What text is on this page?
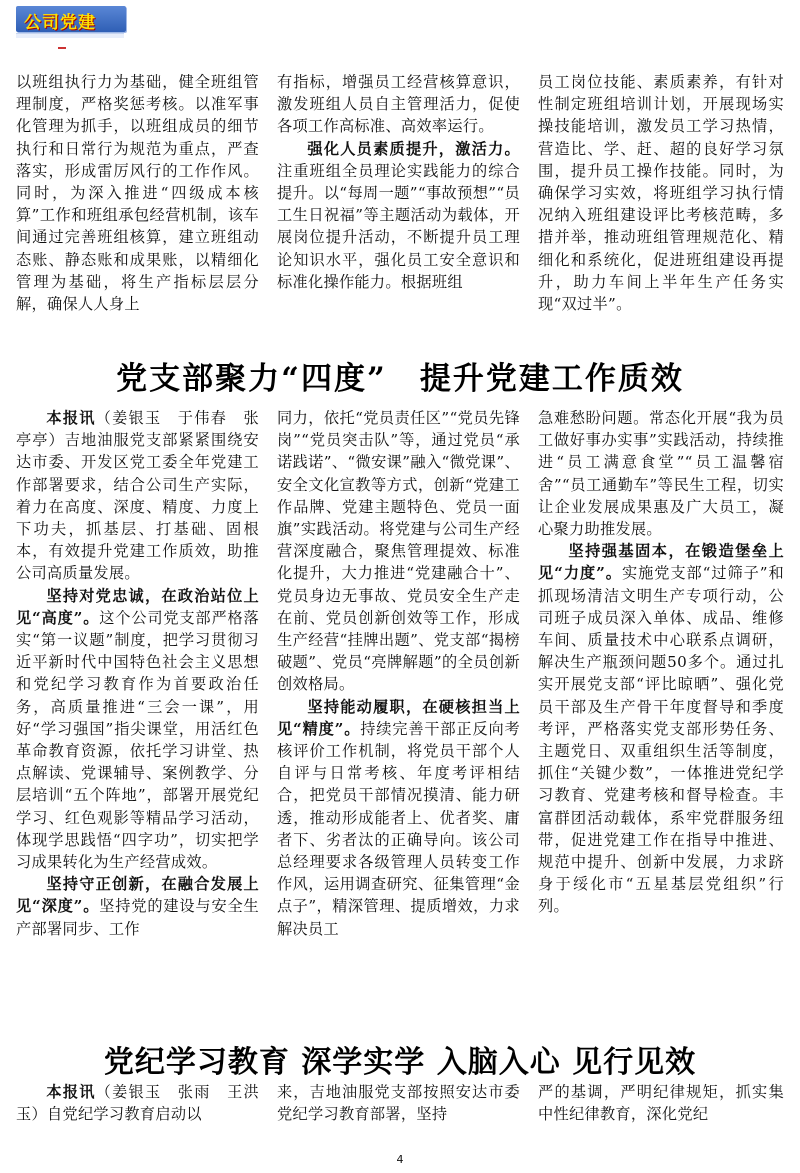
公司党建

以班组执行力为基础，健全班组管理制度，严格奖惩考核。以准军事化管理为抓手，以班组成员的细节执行和日常行为规范为重点，严查落实，形成雷厉风行的工作作风。同时，为深入推进“四级成本核算”工作和班组承包经营机制，该车间通过完善班组核算，建立班组动态账、静态账和成果账，以精细化管理为基础，将生产指标层层分解，确保人人身上

有指标，增强员工经营核算意识，激发班组人员自主管理活力，促使各项工作高标准、高效率运行。

强化人员素质提升，激活力。注重班组全员理论实践能力的综合提升。以“每周一题”“事故预想”“员工生日祝福”等主题活动为载体，开展岗位提升活动，不断提升员工理论知识水平，强化员工安全意识和标准化操作能力。根据班组

员工岗位技能、素质素养，有针对性制定班组培训计划，开展现场实操技能培训，激发员工学习热情，营造比、学、赶、超的良好学习氛围，提升员工操作技能。同时，为确保学习实效，将班组学习执行情况纳入班组建设评比考核范畴，多措并举，推动班组管理规范化、精细化和系统化，促进班组建设再提升，助力车间上半年生产任务实现“双过半”。

党支部聚力“四度”　提升党建工作质效

本报讯（姜银玉　于伟春　张亭亭）吉地油服党支部紧紧围绕安达市委、开发区党工委全年党建工作部署要求，结合公司生产实际，着力在高度、深度、精度、力度上下功夫，抓基层、打基础、固根本，有效提升党建工作质效，助推公司高质量发展。

坚持对党忠诚，在政治站位上见“高度”。这个公司党支部严格落实“第一议题”制度，把学习贯彻习近平新时代中国特色社会主义思想和党纪学习教育作为首要政治任务，高质量推进“三会一课”，用好“学习强国”指尖课堂，用活红色革命教育资源，依托学习讲堂、热点解读、党课辅导、案例教学、分层培训“五个阵地”，部署开展党纪学习、红色观影等精品学习活动，体现学思践悟“四字功”，切实把学习成果转化为生产经营成效。

坚持守正创新，在融合发展上见“深度”。坚持党的建设与安全生产部署同步、工作

同力，依托“党员责任区”“党员先锋岗”“党员突击队”等，通过党员“承诺践诺”、“微安课”融入“微党课”、安全文化宣教等方式，创新“党建工作品牌、党建主题特色、党员一面旗”实践活动。将党建与公司生产经营深度融合，聚焦管理提效、标准化提升，大力推进“党建融合十”、党员身边无事故、党员安全生产走在前、党员创新创效等工作，形成生产经营“挂牌出题”、党支部“揭榜破题”、党员“亮牌解题”的全员创新创效格局。

坚持能动履职，在硬核担当上见“精度”。持续完善干部正反向考核评价工作机制，将党员干部个人自评与日常考核、年度考评相结合，把党员干部情况摸清、能力研透，推动形成能者上、优者奖、庸者下、劣者汰的正确导向。该公司总经理要求各级管理人员转变工作作风，运用调查研究、征集管理“金点子”，精深管理、提质增效，力求解决员工

急难愁盼问题。常态化开展“我为员工做好事办实事”实践活动，持续推进“员工满意食堂”“员工温馨宿舍”“员工通勤车”等民生工程，切实让企业发展成果惠及广大员工，凝心聚力助推发展。

坚持强基固本，在锻造堡垒上见“力度”。实施党支部“过筛子”和抓现场清洁文明生产专项行动，公司班子成员深入单体、成品、维修车间、质量技术中心联系点调研，解决生产瓶颈问题50多个。通过扎实开展党支部“评比晾晒”、强化党员干部及生产骨干年度督导和季度考评，严格落实党支部形势任务、主题党日、双重组织生活等制度，抓住“关键少数”，一体推进党纪学习教育、党建考核和督导检查。丰富群团活动载体，系牢党群服务纽带，促进党建工作在指导中推进、规范中提升、创新中发展，力求跻身于绥化市“五星基层党组织”行列。

党纪学习教育 深学实学 入脑入心 见行见效

本报讯（姜银玉　张雨　王洪玉）自党纪学习教育启动以

来，吉地油服党支部按照安达市委党纪学习教育部署，坚持

严的基调，严明纪律规矩，抓实集中性纪律教育，深化党纪

4
